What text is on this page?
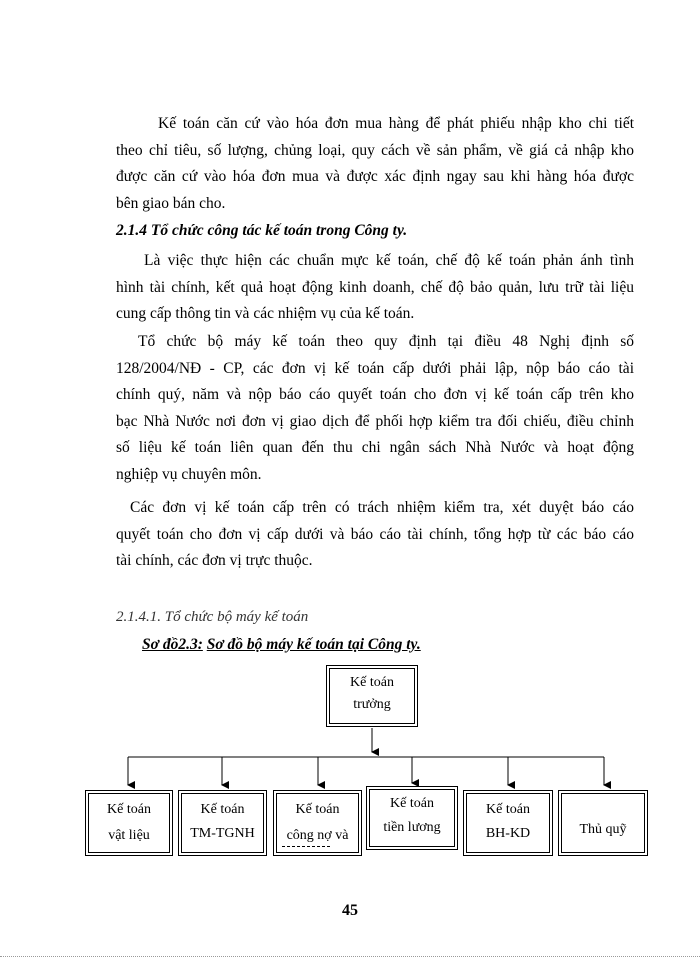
Kế toán căn cứ vào hóa đơn mua hàng để phát phiếu nhập kho chi tiết
theo chỉ tiêu, số lượng, chủng loại, quy cách về sản phẩm, về giá cả nhập kho
được căn cứ vào hóa đơn mua và được xác định ngay sau khi hàng hóa được
bên giao bán cho.

2.1.4 Tổ chức công tác kế toán trong Công ty.

Là việc thực hiện các chuẩn mực kế toán, chế độ kế toán phản ánh tình
hình tài chính, kết quả hoạt động kinh doanh, chế độ bảo quản, lưu trữ tài liệu
cung cấp thông tin và các nhiệm vụ của kế toán.
Tổ chức bộ máy kế toán theo quy định tại điều 48 Nghị định số
128/2004/NĐ - CP, các đơn vị kế toán cấp dưới phải lập, nộp báo cáo tài
chính quý, năm và nộp báo cáo quyết toán cho đơn vị kế toán cấp trên kho
bạc Nhà Nước nơi đơn vị giao dịch để phối hợp kiểm tra đối chiếu, điều chỉnh
số liệu kế toán liên quan đến thu chi ngân sách Nhà Nước và hoạt động
nghiệp vụ chuyên môn.
Các đơn vị kế toán cấp trên có trách nhiệm kiểm tra, xét duyệt báo cáo
quyết toán cho đơn vị cấp dưới và báo cáo tài chính, tổng hợp từ các báo cáo
tài chính, các đơn vị trực thuộc.

2.1.4.1. Tổ chức bộ máy kế toán

Sơ đồ2.3: Sơ đồ bộ máy kế toán tại Công ty.

Kế toán
trưởng
Kế toán
vật liệu
Kế toán
TM-TGNH
Kế toán
công nợ và
Kế toán
tiền lương
Kế toán
BH-KD	Thủ quỹ

45
